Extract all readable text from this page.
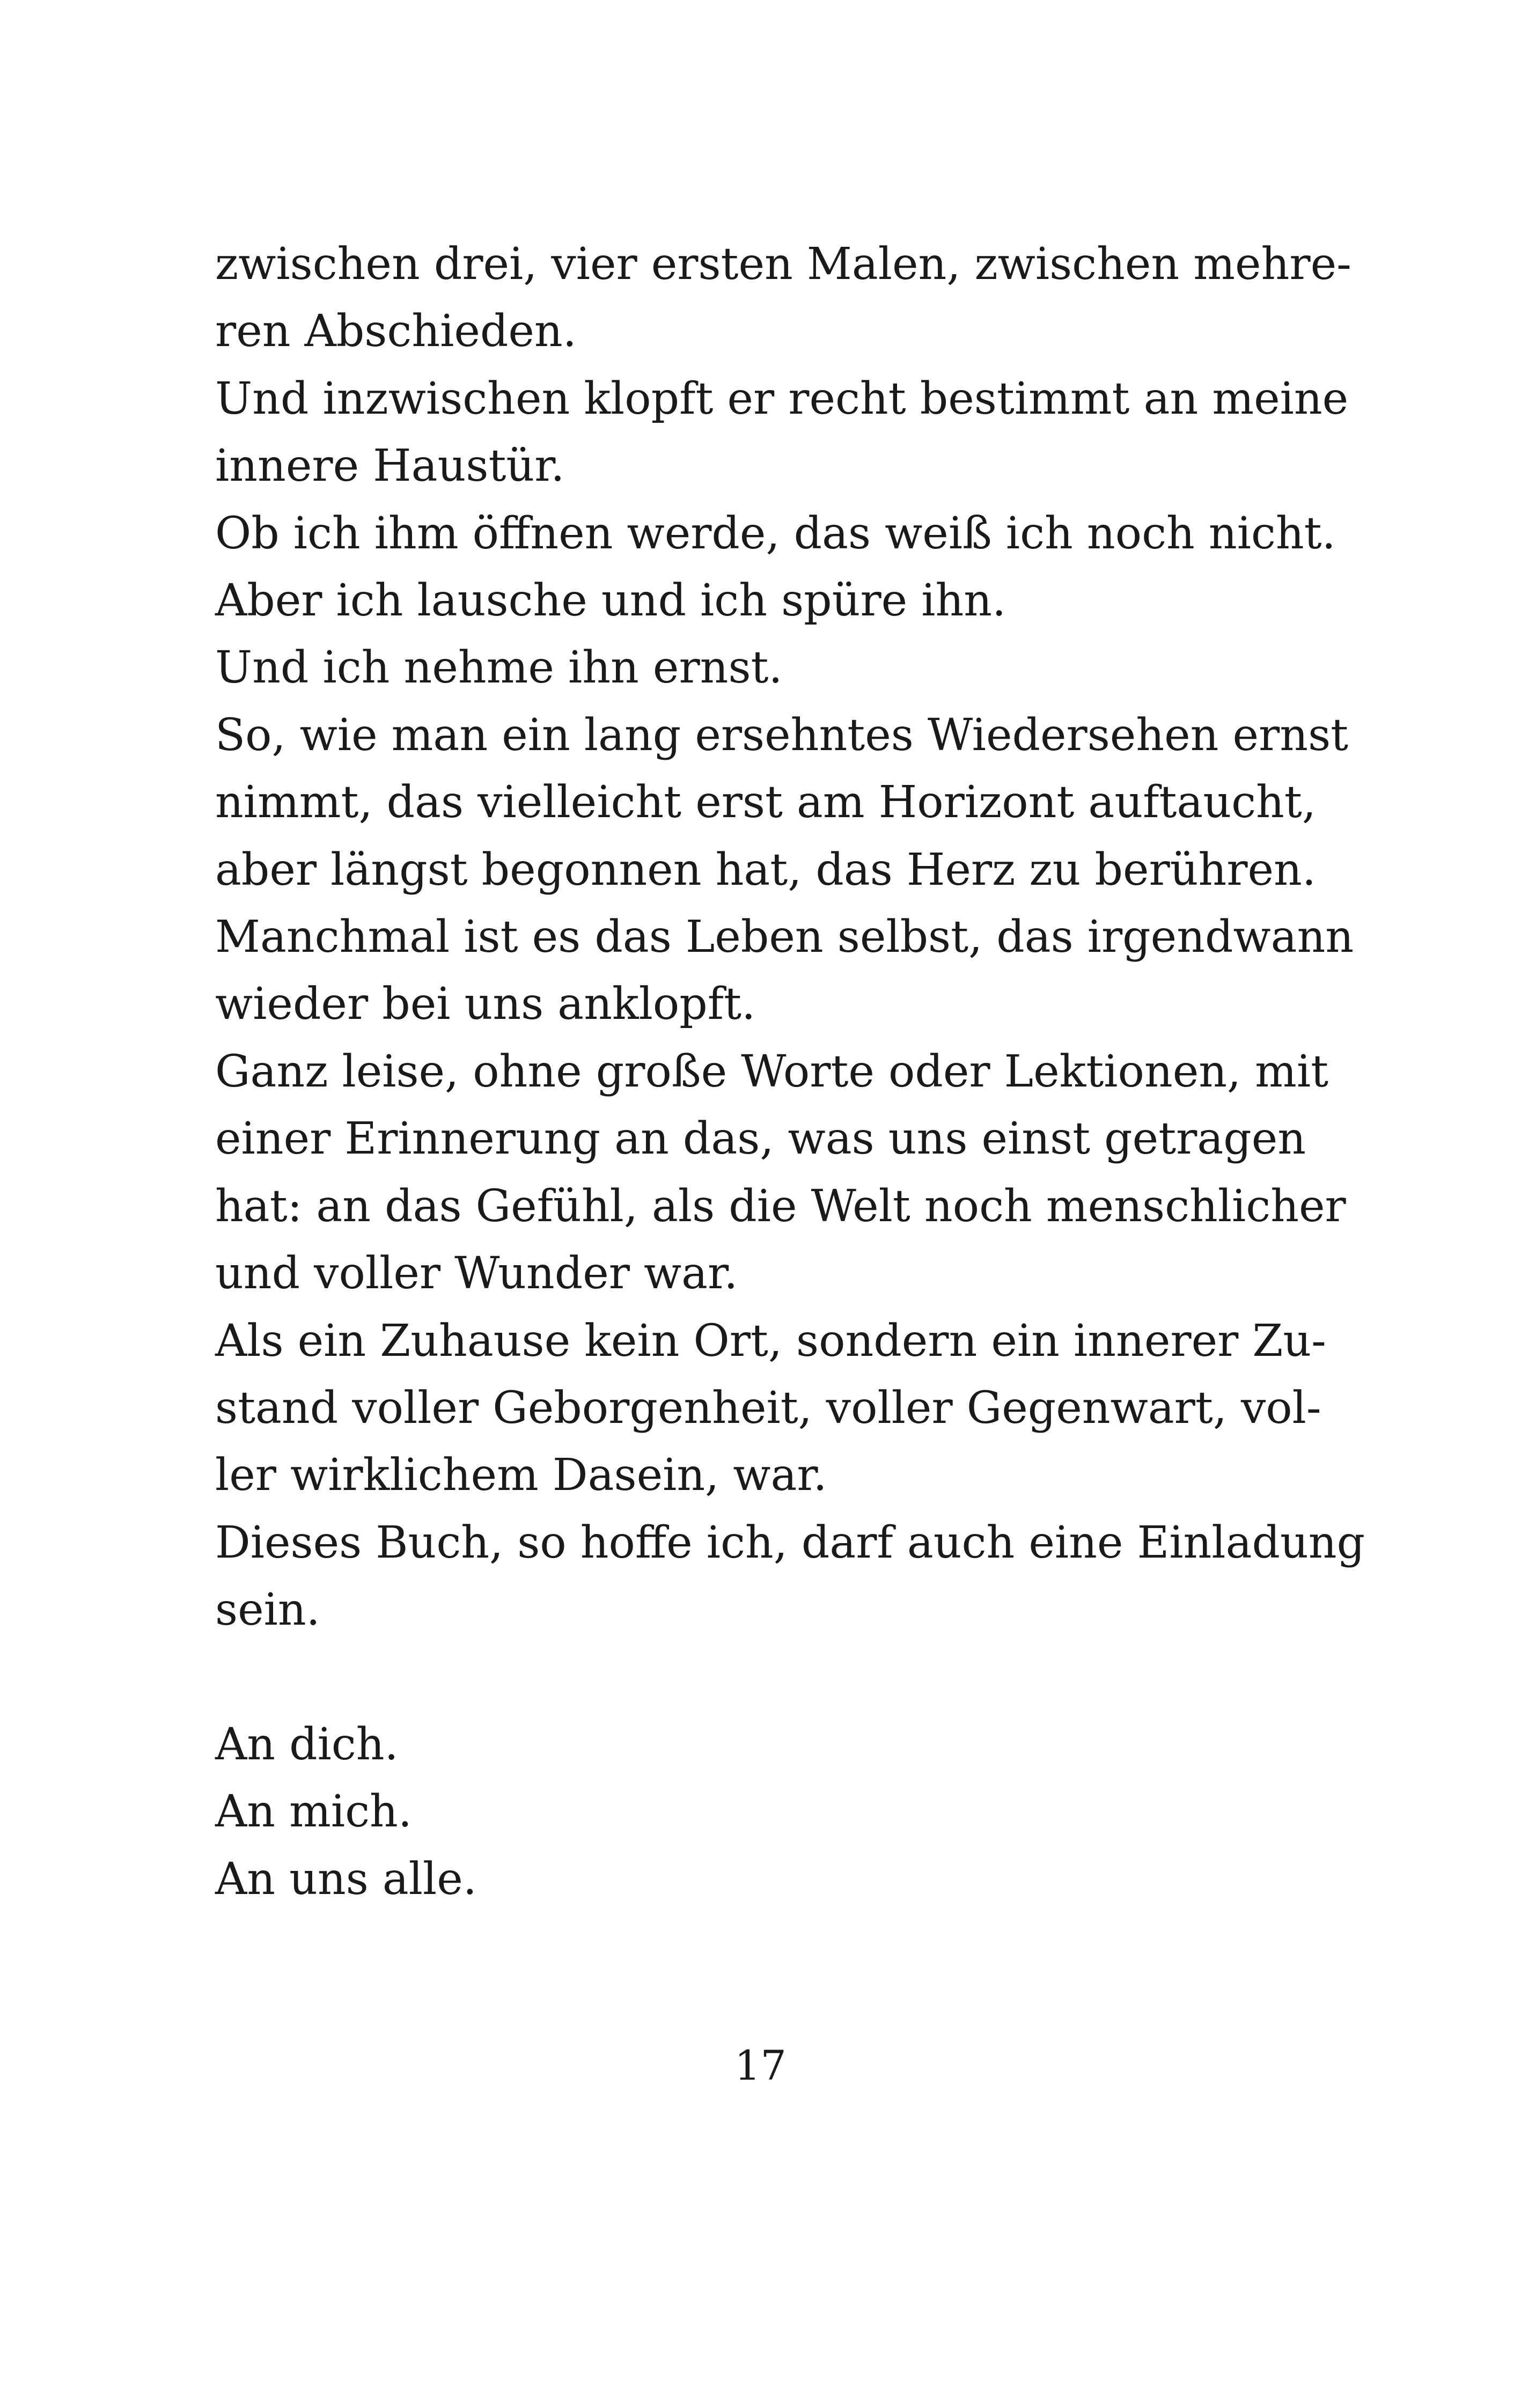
zwischen drei, vier ersten Malen, zwischen mehre-
ren Abschieden.
Und inzwischen klopft er recht bestimmt an meine
innere Haustür.
Ob ich ihm öffnen werde, das weiß ich noch nicht.
Aber ich lausche und ich spüre ihn.
Und ich nehme ihn ernst.
So, wie man ein lang ersehntes Wiedersehen ernst
nimmt, das vielleicht erst am Horizont auftaucht,
aber längst begonnen hat, das Herz zu berühren.
Manchmal ist es das Leben selbst, das irgendwann
wieder bei uns anklopft.
Ganz leise, ohne große Worte oder Lektionen, mit
einer Erinnerung an das, was uns einst getragen
hat: an das Gefühl, als die Welt noch menschlicher
und voller Wunder war.
Als ein Zuhause kein Ort, sondern ein innerer Zu-
stand voller Geborgenheit, voller Gegenwart, vol-
ler wirklichem Dasein, war.
Dieses Buch, so hoffe ich, darf auch eine Einladung
sein.
An dich.
An mich.
An uns alle.
17
